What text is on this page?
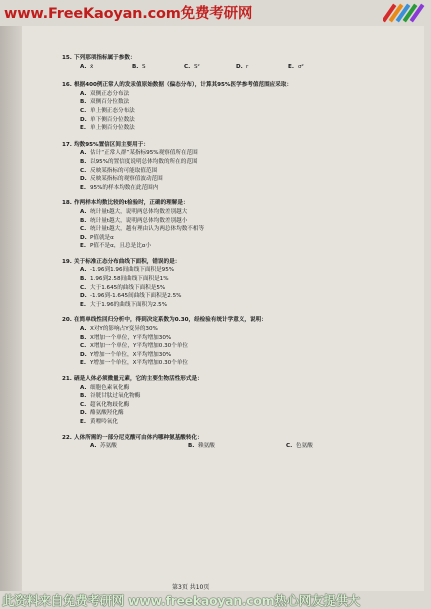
www.FreeKaoyan.com免费考研网
15. 下列那项指标属于参数：
A. x̄	B. S	C. S²	D. r	E. σ²
16. 根据400例正常人的发汞值原始数据（偏态分布），计算其95%医学参考值范围应采取：
A. 双侧正态分布法
B. 双侧百分位数法
C. 单上侧正态分布法
D. 单下侧百分位数法
E. 单上侧百分位数法
17. 均数95%置信区间主要用于：
A. 估计“正常人群”某指标95%观察值所在范围
B. 以95%的置信度说明总体均数的所在的范围
C. 反映某指标的可能取值范围
D. 反映某指标的观察值波动范围
E. 95%的样本均数在此范围内
18. 作两样本均数比较的t检验时，正确的理解是：
A. 统计量t越大，说明两总体均数差别越大
B. 统计量t越大，说明两总体均数差别越小
C. 统计量t越大，越有理由认为两总体均数不相等
D. P值就是α
E. P值不是α，且总是比α小
19. 关于标准正态分布曲线下面积，错误的是：
A. -1.96到1.96间曲线下面积是95%
B. 1.96到2.58间曲线下面积是1%
C. 大于1.645的曲线下面积是5%
D. -1.96到-1.645间曲线下面积是2.5%
E. 大于1.96的曲线下面积为2.5%
20. 在简单线性回归分析中，得到决定系数为0.30，经检验有统计学意义，说明：
A. X对Y的影响占Y变异的30%
B. X增加一个单位，Y平均增加30%
C. X增加一个单位，Y平均增加0.30个单位
D. Y增加一个单位，X平均增加30%
E. Y增加一个单位，X平均增加0.30个单位
21. 硒是人体必须微量元素，它的主要生物活性形式是：
A. 细胞色素氧化酶
B. 谷胱甘肽过氧化物酶
C. 超氧化物歧化酶
D. 酪氨酸羟化酶
E. 黄嘌呤氧化
22. 人体所需的一部分尼克酸可由体内哪种氨基酸转化：
A. 苏氨酸	B. 赖氨酸	C. 色氨酸
第3页 共10页
此资料来自免费考研网 www.freekaoyan.com热心网友提供大
